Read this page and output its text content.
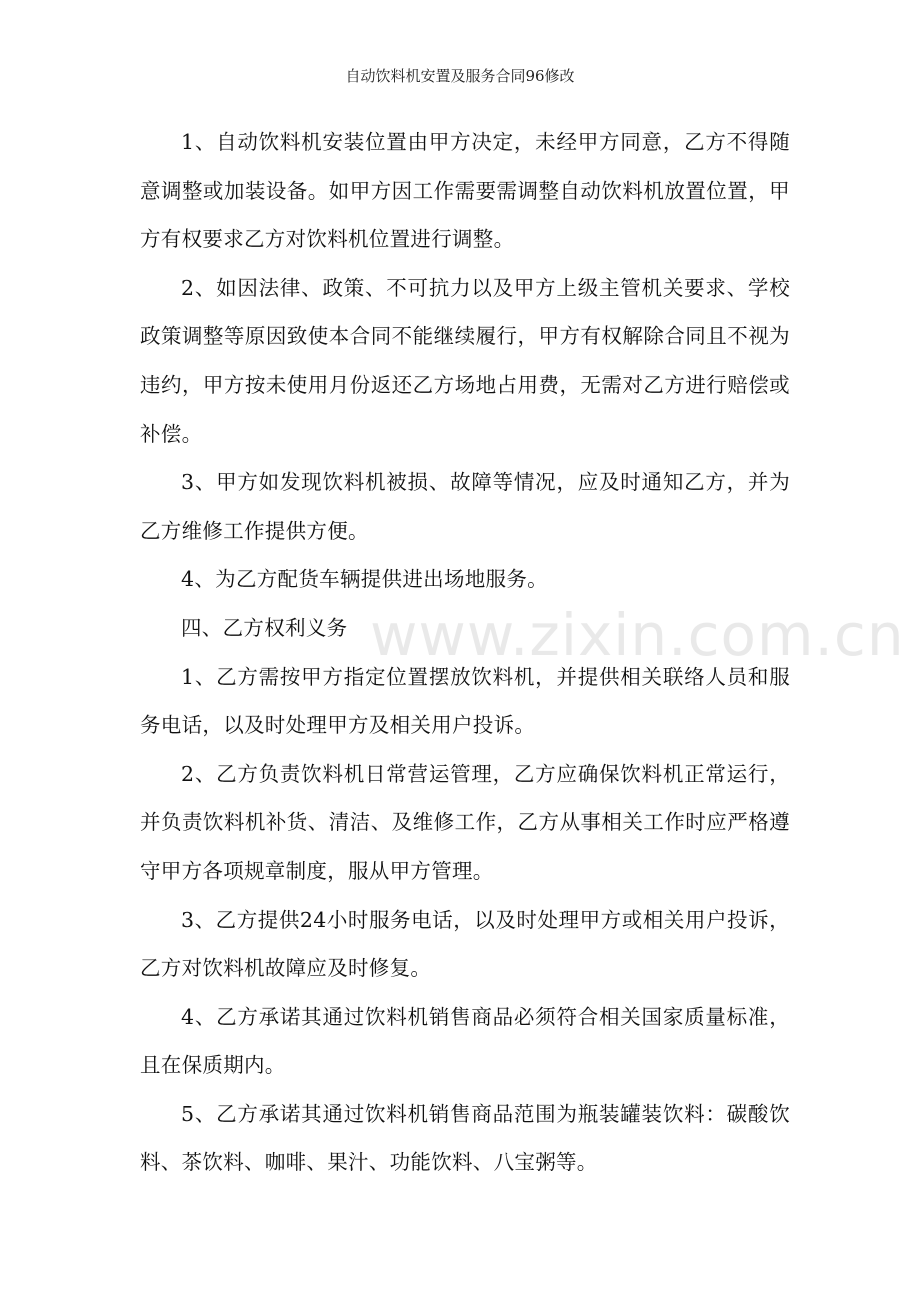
自动饮料机安置及服务合同96修改

1、自动饮料机安装位置由甲方决定，未经甲方同意，乙方不得随意调整或加装设备。如甲方因工作需要需调整自动饮料机放置位置，甲方有权要求乙方对饮料机位置进行调整。

2、如因法律、政策、不可抗力以及甲方上级主管机关要求、学校政策调整等原因致使本合同不能继续履行，甲方有权解除合同且不视为违约，甲方按未使用月份返还乙方场地占用费，无需对乙方进行赔偿或补偿。

3、甲方如发现饮料机被损、故障等情况，应及时通知乙方，并为乙方维修工作提供方便。

4、为乙方配货车辆提供进出场地服务。

四、乙方权利义务

1、乙方需按甲方指定位置摆放饮料机，并提供相关联络人员和服务电话，以及时处理甲方及相关用户投诉。

2、乙方负责饮料机日常营运管理，乙方应确保饮料机正常运行，并负责饮料机补货、清洁、及维修工作，乙方从事相关工作时应严格遵守甲方各项规章制度，服从甲方管理。

3、乙方提供24小时服务电话，以及时处理甲方或相关用户投诉，乙方对饮料机故障应及时修复。

4、乙方承诺其通过饮料机销售商品必须符合相关国家质量标准，且在保质期内。

5、乙方承诺其通过饮料机销售商品范围为瓶装罐装饮料：碳酸饮料、茶饮料、咖啡、果汁、功能饮料、八宝粥等。

www.zixin.com.cn
